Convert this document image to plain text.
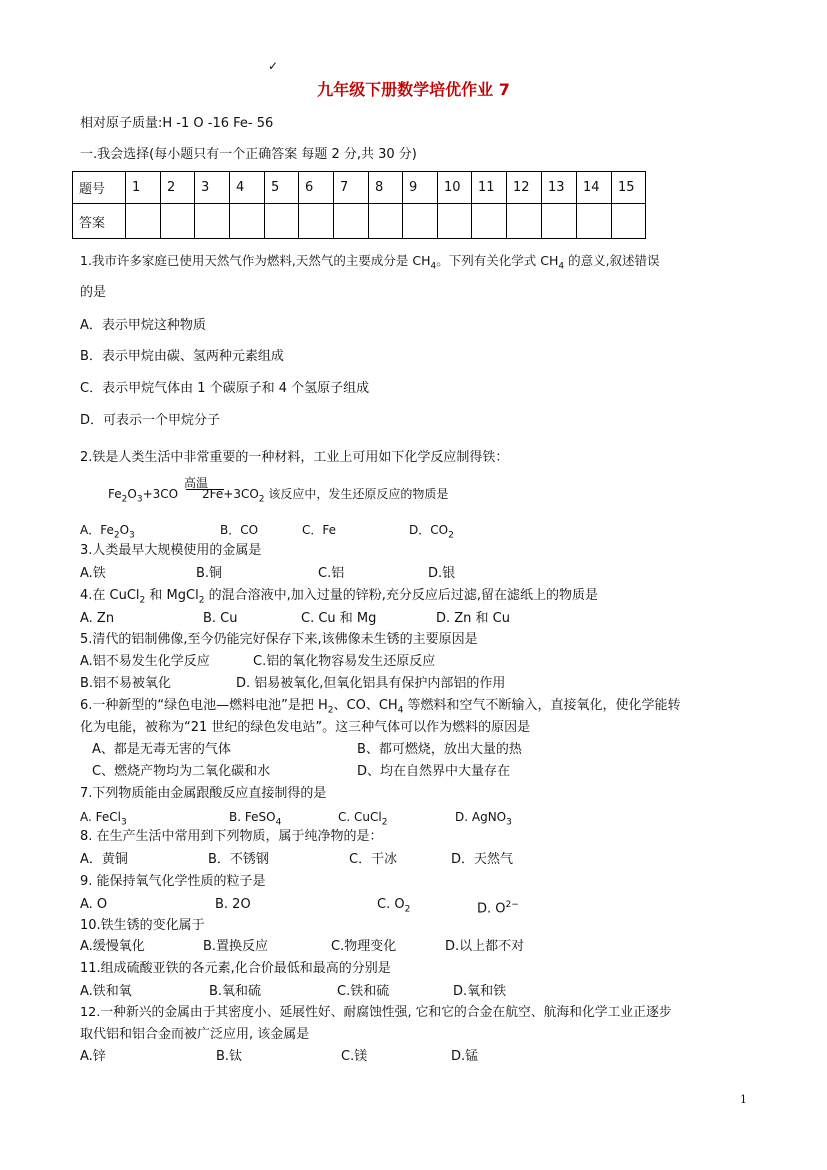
✓
九年级下册数学培优作业 7
相对原子质量:H -1 O -16 Fe- 56
一.我会选择(每小题只有一个正确答案 每题 2 分,共 30 分)
题号	1	2	3	4	5	6	7	8	9	10	11	12	13	14	15
答案															
1.我市许多家庭已使用天然气作为燃料,天然气的主要成分是 $CH_4$。下列有关化学式 $CH_4$ 的意义,叙述错误
的是
A．表示甲烷这种物质
B．表示甲烷由碳、氢两种元素组成
C．表示甲烷气体由 1 个碳原子和 4 个氢原子组成
D．可表示一个甲烷分子
2.铁是人类生活中非常重要的一种材料，工业上可用如下化学反应制得铁：
高温
$Fe_2O_3+3CO$ $2Fe+3CO_2$ 该反应中，发生还原反应的物质是
A．$Fe_2O_3$	B．CO	C．Fe	D．$CO_2$
3.人类最早大规模使用的金属是
A.铁	B.铜	C.铝	D.银
4.在 CuCl$_2$ 和 MgCl$_2$ 的混合溶液中,加入过量的锌粉,充分反应后过滤,留在滤纸上的物质是
A. Zn	B. Cu	C. Cu 和 Mg	D. Zn 和 Cu
5.清代的铝制佛像,至今仍能完好保存下来,该佛像未生锈的主要原因是
A.铝不易发生化学反应	C.铝的氧化物容易发生还原反应
B.铝不易被氧化	D. 铝易被氧化,但氧化铝具有保护内部铝的作用
6.一种新型的“绿色电池—燃料电池”是把 $H_2$、CO、$CH_4$ 等燃料和空气不断输入，直接氧化，使化学能转
化为电能，被称为“21 世纪的绿色发电站”。这三种气体可以作为燃料的原因是
A、都是无毒无害的气体	B、都可燃烧，放出大量的热
C、燃烧产物均为二氧化碳和水	D、均在自然界中大量存在
7.下列物质能由金属跟酸反应直接制得的是
A. FeCl$_3$	B. FeSO$_4$	C. CuCl$_2$	D. AgNO$_3$
8. 在生产生活中常用到下列物质，属于纯净物的是：
A．黄铜	B．不锈钢	C．干冰	D．天然气
9. 能保持氧气化学性质的粒子是
A. O	B. 2O	C. $O_2$	D. $O^{2-}$
10.铁生锈的变化属于
A.缓慢氧化	B.置换反应	C.物理变化	D.以上都不对
11.组成硫酸亚铁的各元素,化合价最低和最高的分别是
A.铁和氧	B.氧和硫	C.铁和硫	D.氧和铁
12.一种新兴的金属由于其密度小、延展性好、耐腐蚀性强, 它和它的合金在航空、航海和化学工业正逐步
取代铝和铝合金而被广泛应用, 该金属是
A.锌	B.钛	C.镁	D.锰
1
